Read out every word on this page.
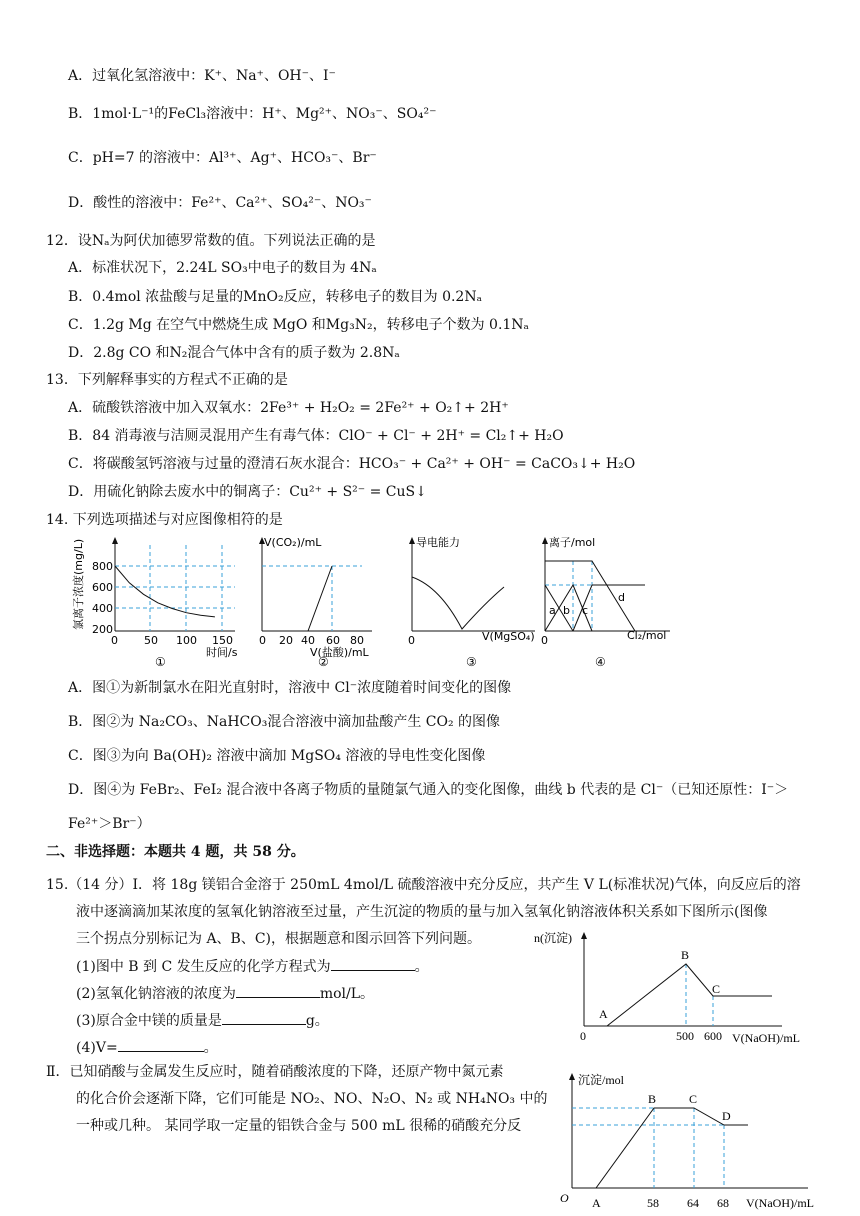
A．过氧化氢溶液中：K⁺、Na⁺、OH⁻、I⁻
B．1mol·L⁻¹的FeCl₃溶液中：H⁺、Mg²⁺、NO₃⁻、SO₄²⁻
C．pH=7 的溶液中：Al³⁺、Ag⁺、HCO₃⁻、Br⁻
D．酸性的溶液中：Fe²⁺、Ca²⁺、SO₄²⁻、NO₃⁻
12．设Nₐ为阿伏加德罗常数的值。下列说法正确的是
A．标准状况下，2.24L SO₃中电子的数目为 4Nₐ
B．0.4mol 浓盐酸与足量的MnO₂反应，转移电子的数目为 0.2Nₐ
C．1.2g Mg 在空气中燃烧生成 MgO 和Mg₃N₂，转移电子个数为 0.1Nₐ
D．2.8g CO 和N₂混合气体中含有的质子数为 2.8Nₐ
13．下列解释事实的方程式不正确的是
A．硫酸铁溶液中加入双氧水：2Fe³⁺ + H₂O₂ = 2Fe²⁺ + O₂↑+ 2H⁺
B．84 消毒液与洁厕灵混用产生有毒气体：ClO⁻ + Cl⁻ + 2H⁺ = Cl₂↑+ H₂O
C．将碳酸氢钙溶液与过量的澄清石灰水混合：HCO₃⁻ + Ca²⁺ + OH⁻ = CaCO₃↓+ H₂O
D．用硫化钠除去废水中的铜离子：Cu²⁺ + S²⁻ = CuS↓
14. 下列选项描述与对应图像相符的是
氯离子浓度(mg/L) 800
600
400
200
0 50 100 150
时间/s
①
V(CO₂)/mL
0 20 40 60 80
V(盐酸)/mL
②
导电能力
0	V(MgSO₄)
③
离子/mol
a b c
d
0	Cl₂/mol
④
A．图①为新制氯水在阳光直射时，溶液中 Cl⁻浓度随着时间变化的图像
B．图②为 Na₂CO₃、NaHCO₃混合溶液中滴加盐酸产生 CO₂ 的图像
C．图③为向 Ba(OH)₂ 溶液中滴加 MgSO₄ 溶液的导电性变化图像
D．图④为 FeBr₂、FeI₂ 混合液中各离子物质的量随氯气通入的变化图像，曲线 b 代表的是 Cl⁻（已知还原性：I⁻＞
Fe²⁺＞Br⁻）
二、非选择题：本题共 4 题，共 58 分。
15.（14 分）Ⅰ．将 18g 镁铝合金溶于 250mL 4mol/L 硫酸溶液中充分反应，共产生 V L(标准状况)气体，向反应后的溶
液中逐滴滴加某浓度的氢氧化钠溶液至过量，产生沉淀的物质的量与加入氢氧化钠溶液体积关系如下图所示(图像
三个拐点分别标记为 A、B、C)，根据题意和图示回答下列问题。
(1)图中 B 到 C 发生反应的化学方程式为	。
(2)氢氧化钠溶液的浓度为	mol/L。
(3)原合金中镁的质量是	g。
(4)V=	。
Ⅱ．已知硝酸与金属发生反应时，随着硝酸浓度的下降，还原产物中氮元素
的化合价会逐渐下降，它们可能是 NO₂、NO、N₂O、N₂ 或 NH₄NO₃ 中的
一种或几种。 某同学取一定量的铝铁合金与 500 mL 很稀的硝酸充分反
n(沉淀)
A
B
C
0	500 600 V(NaOH)/mL
沉淀/mol
B	C
D
O A	58 64 68 V(NaOH)/mL
